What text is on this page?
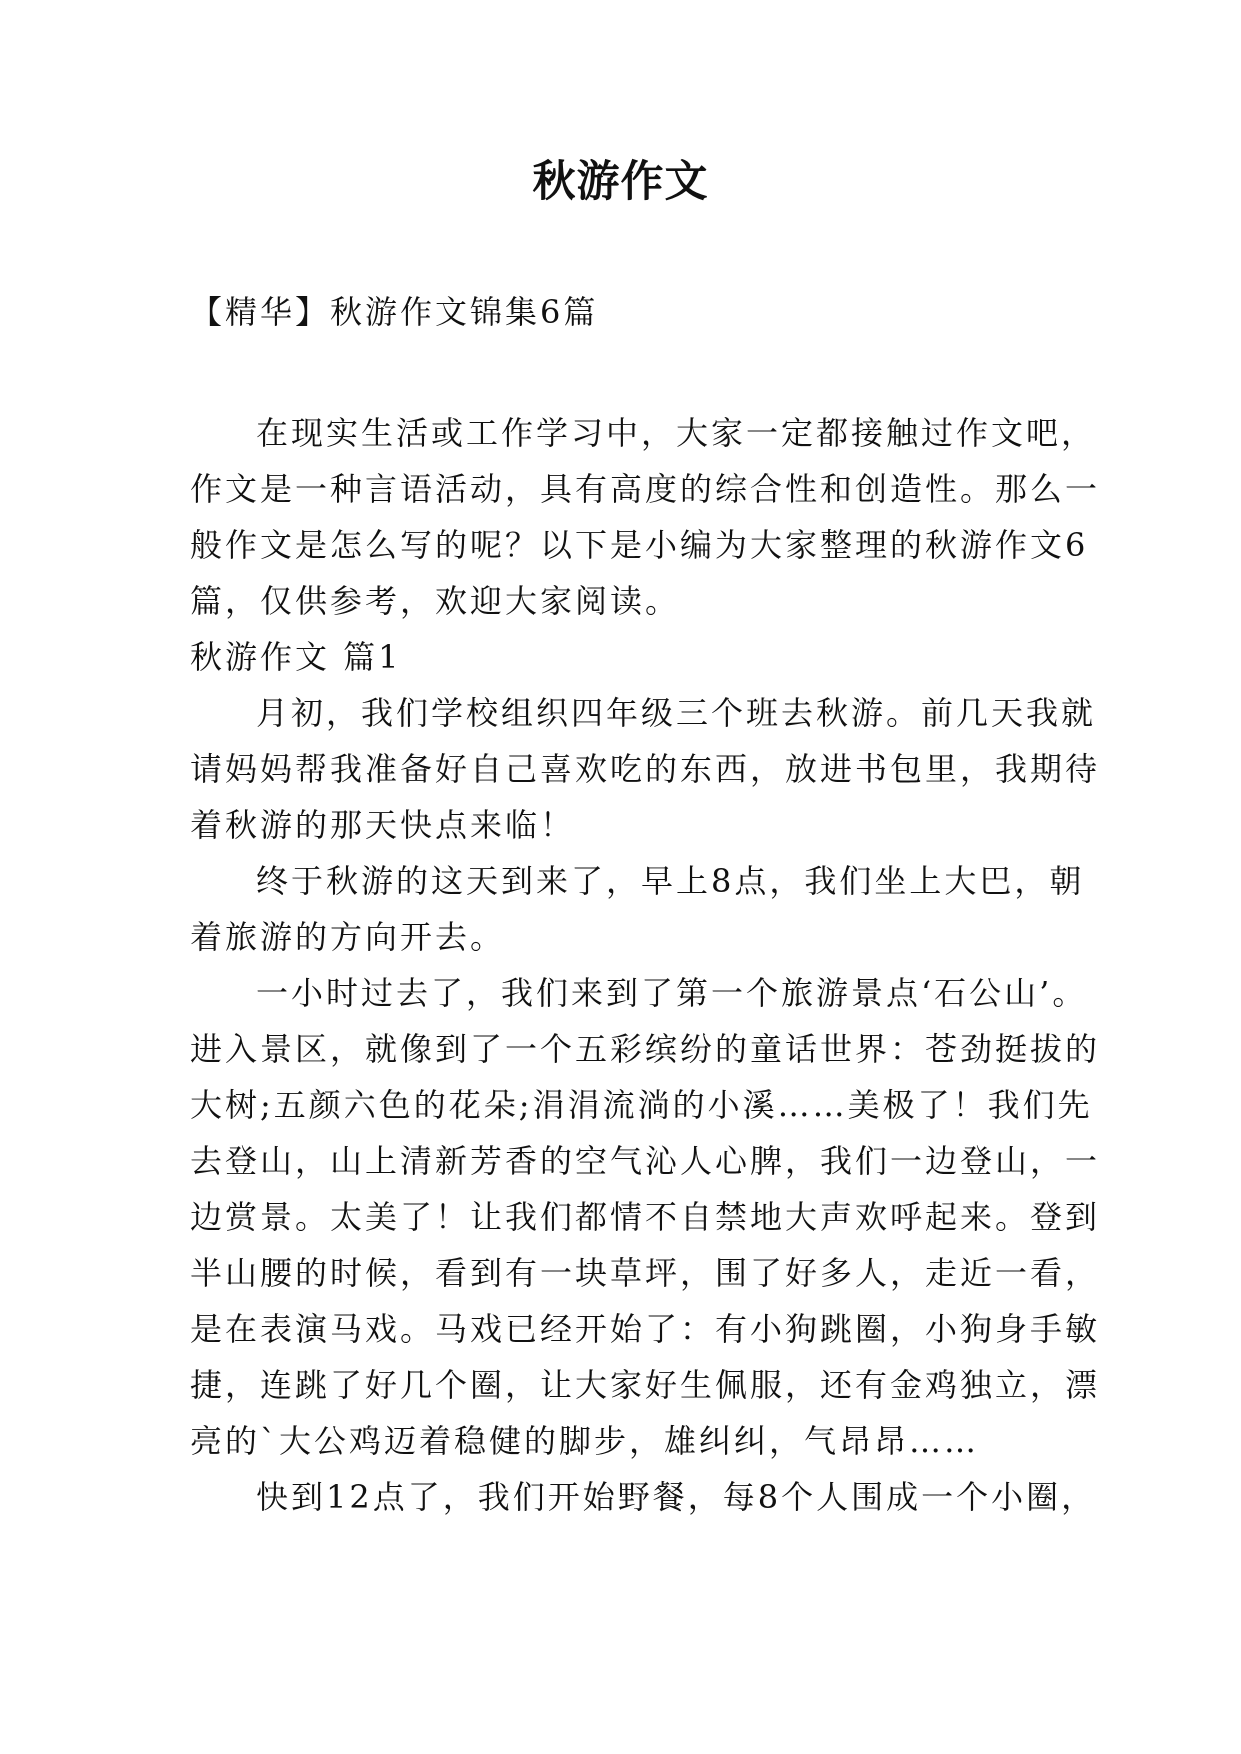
秋游作文

【精华】秋游作文锦集6篇

在现实生活或工作学习中，大家一定都接触过作文吧，
作文是一种言语活动，具有高度的综合性和创造性。那么一
般作文是怎么写的呢？以下是小编为大家整理的秋游作文6
篇，仅供参考，欢迎大家阅读。
秋游作文 篇1
月初，我们学校组织四年级三个班去秋游。前几天我就
请妈妈帮我准备好自己喜欢吃的东西，放进书包里，我期待
着秋游的那天快点来临！
终于秋游的这天到来了，早上8点，我们坐上大巴，朝
着旅游的方向开去。
一小时过去了，我们来到了第一个旅游景点‘石公山’。
进入景区，就像到了一个五彩缤纷的童话世界：苍劲挺拔的
大树;五颜六色的花朵;涓涓流淌的小溪……美极了！我们先
去登山，山上清新芳香的空气沁人心脾，我们一边登山，一
边赏景。太美了！让我们都情不自禁地大声欢呼起来。登到
半山腰的时候，看到有一块草坪，围了好多人，走近一看，
是在表演马戏。马戏已经开始了：有小狗跳圈，小狗身手敏
捷，连跳了好几个圈，让大家好生佩服，还有金鸡独立，漂
亮的`大公鸡迈着稳健的脚步，雄纠纠，气昂昂……
快到12点了，我们开始野餐，每8个人围成一个小圈，
